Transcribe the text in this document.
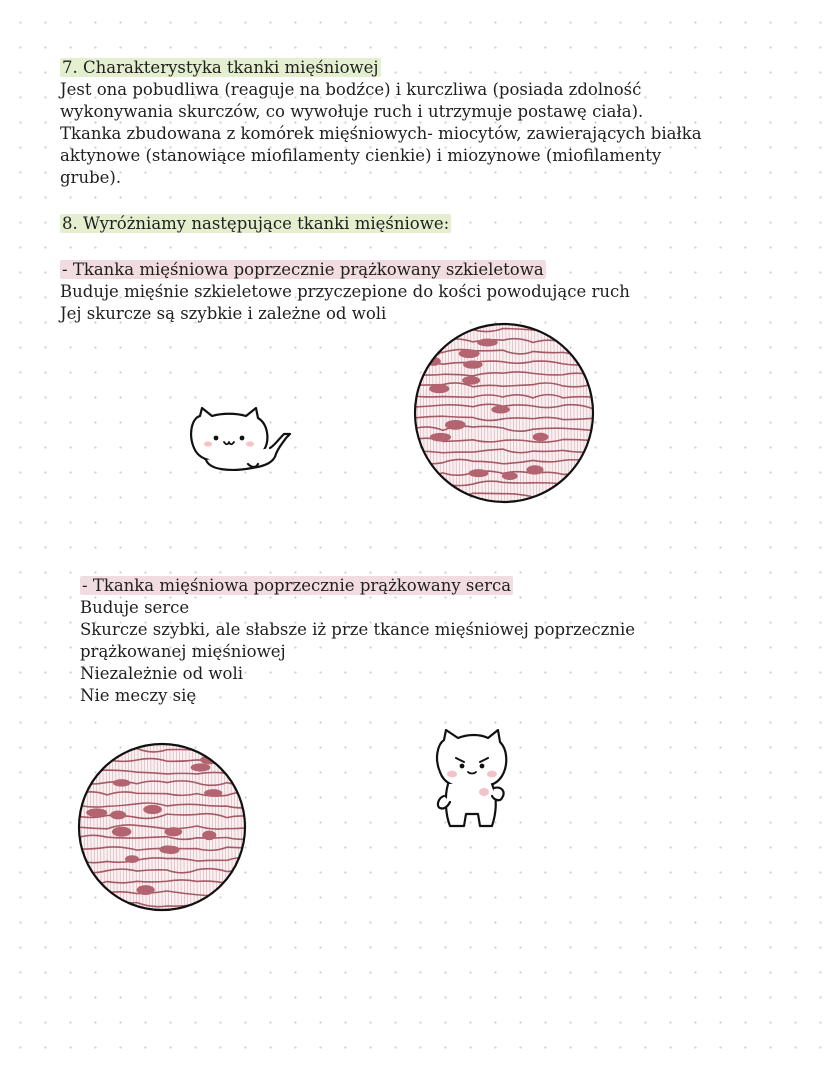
7. Charakterystyka tkanki mięśniowej
Jest ona pobudliwa (reaguje na bodźce) i kurczliwa (posiada zdolność
wykonywania skurczów, co wywołuje ruch i utrzymuje postawę ciała).
Tkanka zbudowana z komórek mięśniowych- miocytów, zawierających białka
aktynowe (stanowiące miofilamenty cienkie) i miozynowe (miofilamenty
grube).
8. Wyróżniamy następujące tkanki mięśniowe:
- Tkanka mięśniowa poprzecznie prążkowany szkieletowa
Buduje mięśnie szkieletowe przyczepione do kości powodujące ruch
Jej skurcze są szybkie i zależne od woli
- Tkanka mięśniowa poprzecznie prążkowany serca
Buduje serce
Skurcze szybki, ale słabsze iż prze tkance mięśniowej poprzecznie
prążkowanej mięśniowej
Niezależnie od woli
Nie meczy się
